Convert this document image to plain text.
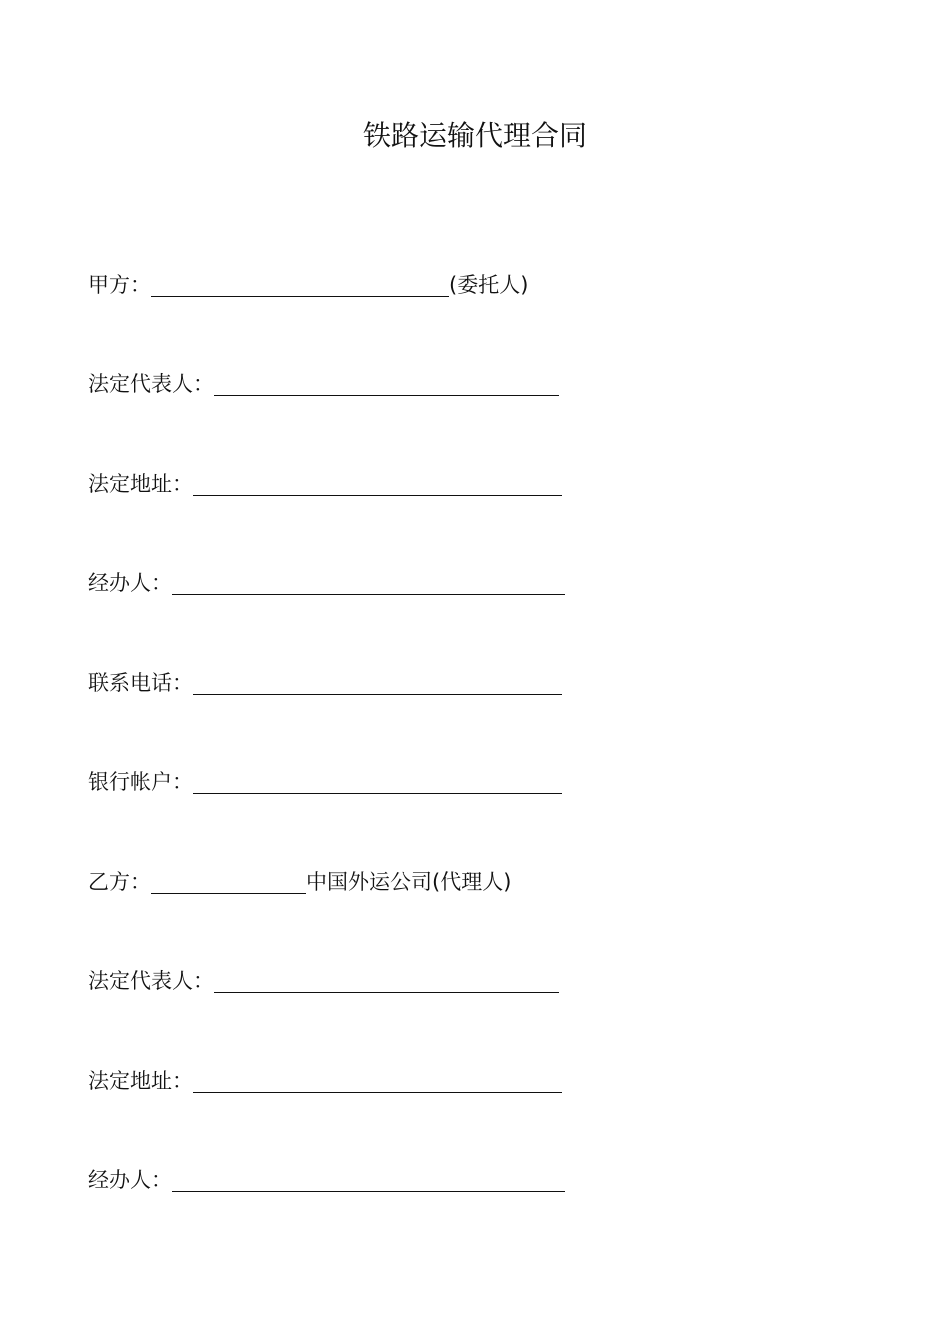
铁路运输代理合同
甲方：	(委托人)
法定代表人：
法定地址：
经办人：
联系电话：
银行帐户：
乙方：	中国外运公司(代理人)
法定代表人：
法定地址：
经办人：
